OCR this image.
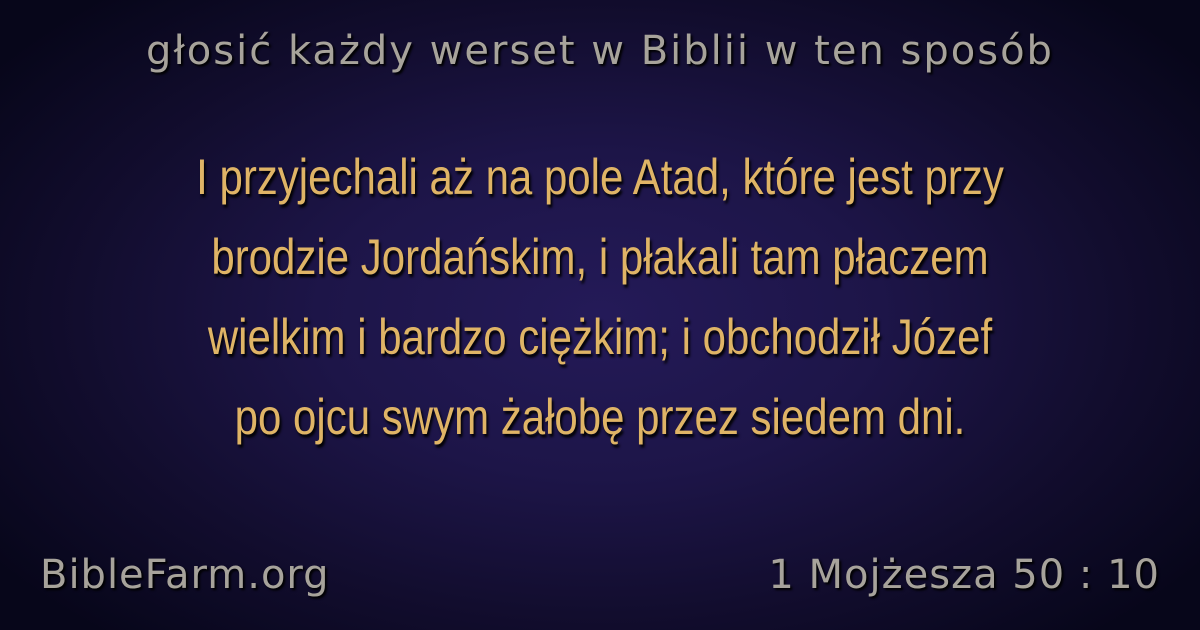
głosić każdy werset w Biblii w ten sposób
I przyjechali aż na pole Atad, które jest przy
brodzie Jordańskim, i płakali tam płaczem
wielkim i bardzo ciężkim; i obchodził Józef
po ojcu swym żałobę przez siedem dni.
BibleFarm.org	1 Mojżesza 50 : 10
